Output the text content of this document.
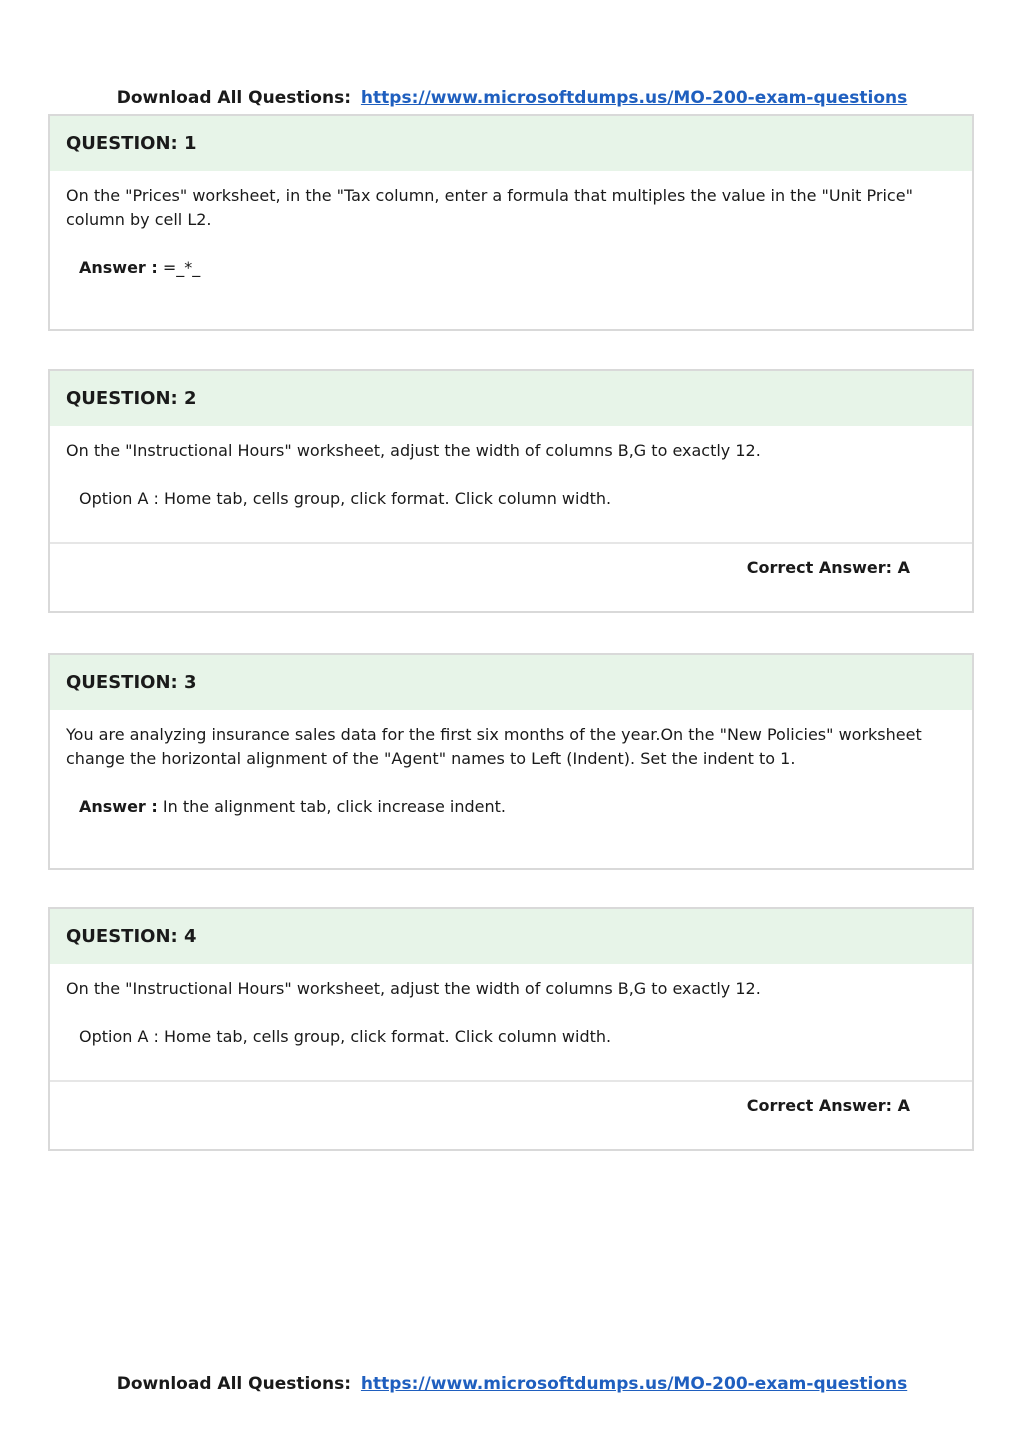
Download All Questions: https://www.microsoftdumps.us/MO-200-exam-questions
QUESTION: 1

On the "Prices" worksheet, in the "Tax column, enter a formula that multiples the value in the "Unit Price"

column by cell L2.

Answer : =_*_

QUESTION: 2

On the "Instructional Hours" worksheet, adjust the width of columns B,G to exactly 12.

Option A : Home tab, cells group, click format. Click column width.

Correct Answer: A
QUESTION: 3

You are analyzing insurance sales data for the first six months of the year.On the "New Policies" worksheet

change the horizontal alignment of the "Agent" names to Left (Indent). Set the indent to 1.

Answer : In the alignment tab, click increase indent.

QUESTION: 4

On the "Instructional Hours" worksheet, adjust the width of columns B,G to exactly 12.

Option A : Home tab, cells group, click format. Click column width.

Correct Answer: A
Download All Questions: https://www.microsoftdumps.us/MO-200-exam-questions
